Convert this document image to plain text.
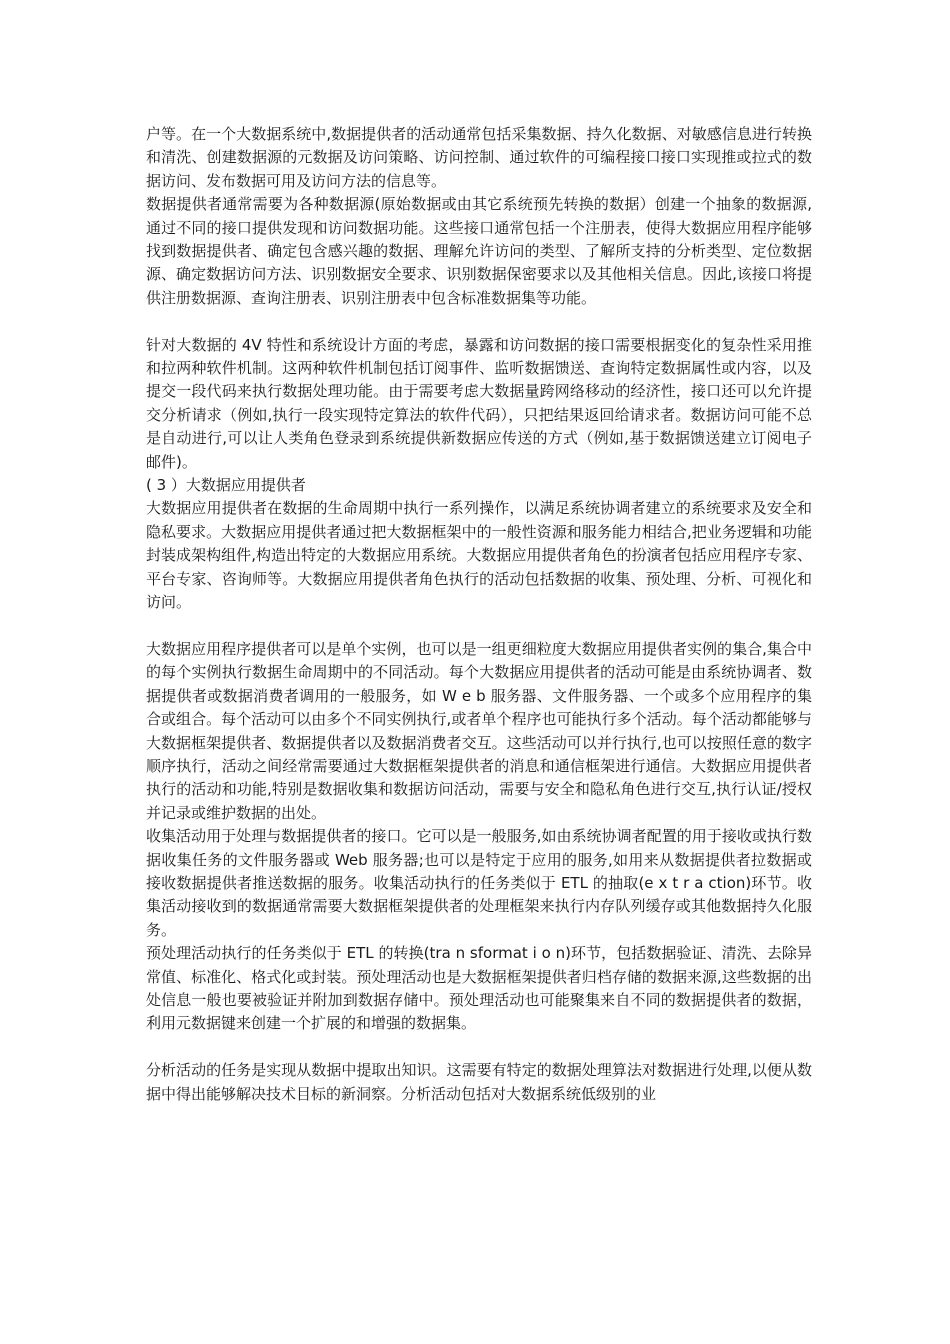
户等。在一个大数据系统中,数据提供者的活动通常包括采集数据、持久化数据、对敏感信息进行转换和清洗、创建数据源的元数据及访问策略、访问控制、通过软件的可编程接口接口实现推或拉式的数据访问、发布数据可用及访问方法的信息等。

数据提供者通常需要为各种数据源(原始数据或由其它系统预先转换的数据）创建一个抽象的数据源,通过不同的接口提供发现和访问数据功能。这些接口通常包括一个注册表，使得大数据应用程序能够找到数据提供者、确定包含感兴趣的数据、理解允许访问的类型、了解所支持的分析类型、定位数据源、确定数据访问方法、识别数据安全要求、识别数据保密要求以及其他相关信息。因此,该接口将提供注册数据源、查询注册表、识别注册表中包含标准数据集等功能。

针对大数据的 4V 特性和系统设计方面的考虑，暴露和访问数据的接口需要根据变化的复杂性采用推和拉两种软件机制。这两种软件机制包括订阅事件、监听数据馈送、查询特定数据属性或内容，以及提交一段代码来执行数据处理功能。由于需要考虑大数据量跨网络移动的经济性，接口还可以允许提交分析请求（例如,执行一段实现特定算法的软件代码），只把结果返回给请求者。数据访问可能不总是自动进行,可以让人类角色登录到系统提供新数据应传送的方式（例如,基于数据馈送建立订阅电子邮件)。

( 3 ）大数据应用提供者

大数据应用提供者在数据的生命周期中执行一系列操作，以满足系统协调者建立的系统要求及安全和隐私要求。大数据应用提供者通过把大数据框架中的一般性资源和服务能力相结合,把业务逻辑和功能封装成架构组件,构造出特定的大数据应用系统。大数据应用提供者角色的扮演者包括应用程序专家、平台专家、咨询师等。大数据应用提供者角色执行的活动包括数据的收集、预处理、分析、可视化和访问。

大数据应用程序提供者可以是单个实例，也可以是一组更细粒度大数据应用提供者实例的集合,集合中的每个实例执行数据生命周期中的不同活动。每个大数据应用提供者的活动可能是由系统协调者、数据提供者或数据消费者调用的一般服务，如 W e b 服务器、文件服务器、一个或多个应用程序的集合或组合。每个活动可以由多个不同实例执行,或者单个程序也可能执行多个活动。每个活动都能够与大数据框架提供者、数据提供者以及数据消费者交互。这些活动可以并行执行,也可以按照任意的数字顺序执行，活动之间经常需要通过大数据框架提供者的消息和通信框架进行通信。大数据应用提供者执行的活动和功能,特别是数据收集和数据访问活动，需要与安全和隐私角色进行交互,执行认证/授权并记录或维护数据的出处。

收集活动用于处理与数据提供者的接口。它可以是一般服务,如由系统协调者配置的用于接收或执行数据收集任务的文件服务器或 Web 服务器;也可以是特定于应用的服务,如用来从数据提供者拉数据或接收数据提供者推送数据的服务。收集活动执行的任务类似于 ETL 的抽取(e x t r a ction)环节。收集活动接收到的数据通常需要大数据框架提供者的处理框架来执行内存队列缓存或其他数据持久化服务。

预处理活动执行的任务类似于 ETL 的转换(tra n sformat i o n)环节，包括数据验证、清洗、去除异常值、标准化、格式化或封装。预处理活动也是大数据框架提供者归档存储的数据来源,这些数据的出处信息一般也要被验证并附加到数据存储中。预处理活动也可能聚集来自不同的数据提供者的数据，利用元数据键来创建一个扩展的和增强的数据集。

分析活动的任务是实现从数据中提取出知识。这需要有特定的数据处理算法对数据进行处理,以便从数据中得出能够解决技术目标的新洞察。分析活动包括对大数据系统低级别的业
